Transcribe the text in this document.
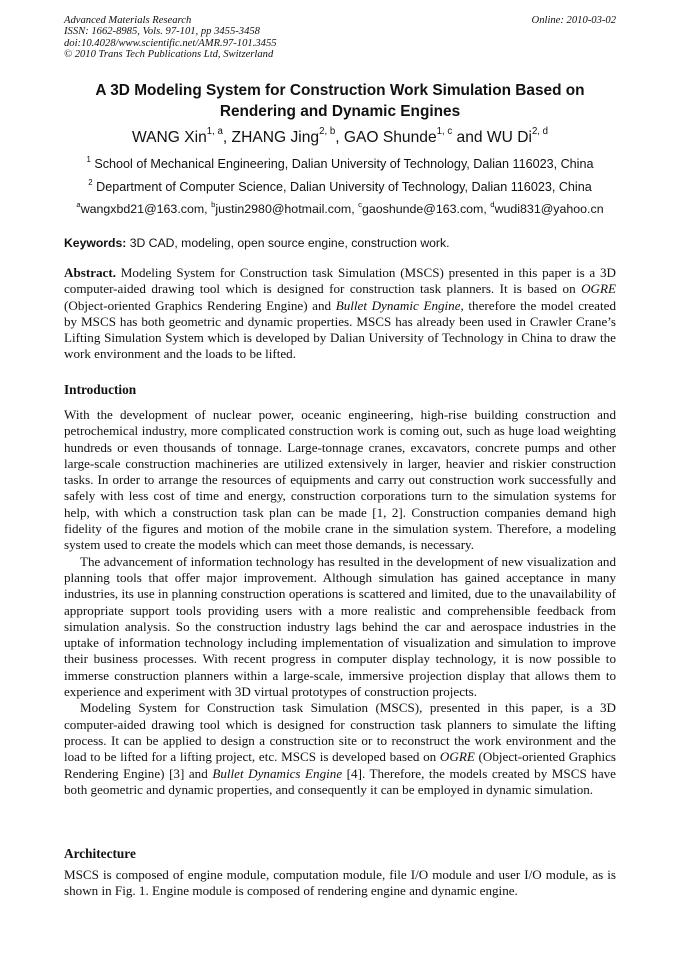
Advanced Materials Research
ISSN: 1662-8985, Vols. 97-101, pp 3455-3458
doi:10.4028/www.scientific.net/AMR.97-101.3455
© 2010 Trans Tech Publications Ltd, Switzerland
Online: 2010-03-02
A 3D Modeling System for Construction Work Simulation Based on
Rendering and Dynamic Engines
WANG Xin$^{1, a}$, ZHANG Jing$^{2, b}$, GAO Shunde$^{1, c}$ and WU Di$^{2, d}$
$^1$ School of Mechanical Engineering, Dalian University of Technology, Dalian 116023, China
$^2$ Department of Computer Science, Dalian University of Technology, Dalian 116023, China
$^a$wangxbd21@163.com, $^b$justin2980@hotmail.com, $^c$gaoshunde@163.com, $^d$wudi831@yahoo.cn
Keywords: 3D CAD, modeling, open source engine, construction work.

Abstract. Modeling System for Construction task Simulation (MSCS) presented in this paper is a 3D computer-aided drawing tool which is designed for construction task planners. It is based on OGRE (Object-oriented Graphics Rendering Engine) and Bullet Dynamic Engine, therefore the model created by MSCS has both geometric and dynamic properties. MSCS has already been used in Crawler Crane’s Lifting Simulation System which is developed by Dalian University of Technology in China to draw the work environment and the loads to be lifted.

Introduction

With the development of nuclear power, oceanic engineering, high-rise building construction and petrochemical industry, more complicated construction work is coming out, such as huge load weighting hundreds or even thousands of tonnage. Large-tonnage cranes, excavators, concrete pumps and other large-scale construction machineries are utilized extensively in larger, heavier and riskier construction tasks. In order to arrange the resources of equipments and carry out construction work successfully and safely with less cost of time and energy, construction corporations turn to the simulation systems for help, with which a construction task plan can be made [1, 2]. Construction companies demand high fidelity of the figures and motion of the mobile crane in the simulation system. Therefore, a modeling system used to create the models which can meet those demands, is necessary.

The advancement of information technology has resulted in the development of new visualization and planning tools that offer major improvement. Although simulation has gained acceptance in many industries, its use in planning construction operations is scattered and limited, due to the unavailability of appropriate support tools providing users with a more realistic and comprehensible feedback from simulation analysis. So the construction industry lags behind the car and aerospace industries in the uptake of information technology including implementation of visualization and simulation to improve their business processes. With recent progress in computer display technology, it is now possible to immerse construction planners within a large-scale, immersive projection display that allows them to experience and experiment with 3D virtual prototypes of construction projects.

Modeling System for Construction task Simulation (MSCS), presented in this paper, is a 3D computer-aided drawing tool which is designed for construction task planners to simulate the lifting process. It can be applied to design a construction site or to reconstruct the work environment and the load to be lifted for a lifting project, etc. MSCS is developed based on OGRE (Object-oriented Graphics Rendering Engine) [3] and Bullet Dynamics Engine [4]. Therefore, the models created by MSCS have both geometric and dynamic properties, and consequently it can be employed in dynamic simulation.

Architecture

MSCS is composed of engine module, computation module, file I/O module and user I/O module, as is shown in Fig. 1. Engine module is composed of rendering engine and dynamic engine.
